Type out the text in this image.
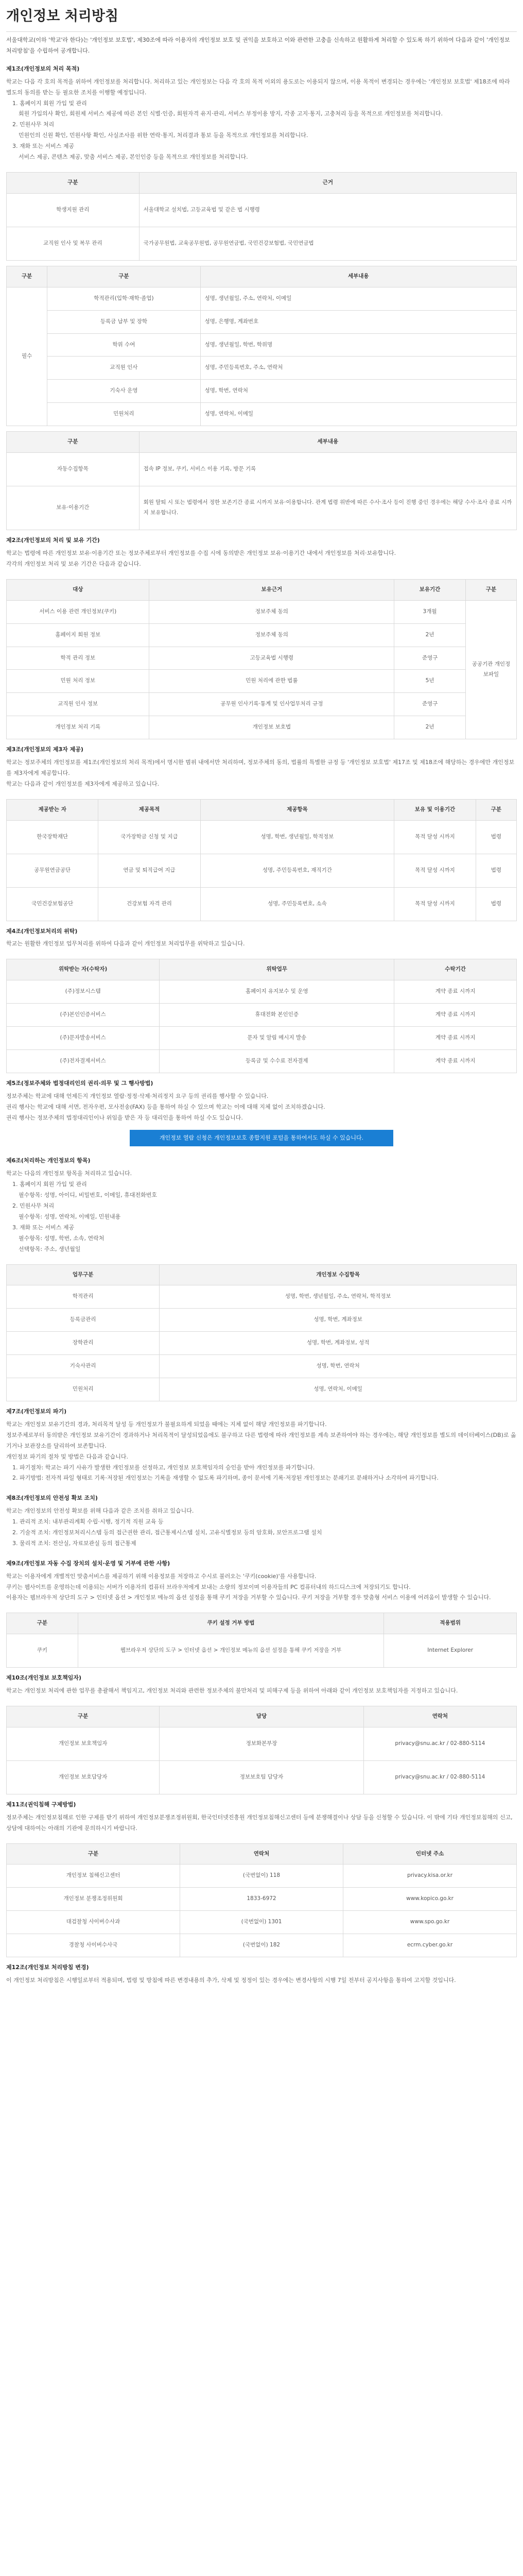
개인정보 처리방침

서울대학교(이하 '학교'라 한다)는 '개인정보 보호법', 제30조에 따라 이용자의 개인정보 보호 및 권익을 보호하고 이와 관련한 고충을 신속하고 원활하게 처리할 수 있도록 하기 위하여 다음과 같이 '개인정보 처리방침'을 수립하여 공개합니다.

제1조(개인정보의 처리 목적)
학교는 다음 각 호의 목적을 위하여 개인정보를 처리합니다. 처리하고 있는 개인정보는 다음 각 호의 목적 이외의 용도로는 이용되지 않으며, 이용 목적이 변경되는 경우에는 '개인정보 보호법' 제18조에 따라 별도의 동의를 받는 등 필요한 조치를 이행할 예정입니다.
1. 홈페이지 회원 가입 및 관리
회원 가입의사 확인, 회원제 서비스 제공에 따른 본인 식별·인증, 회원자격 유지·관리, 서비스 부정이용 방지, 각종 고지·통지, 고충처리 등을 목적으로 개인정보를 처리합니다.
2. 민원사무 처리
민원인의 신원 확인, 민원사항 확인, 사실조사를 위한 연락·통지, 처리결과 통보 등을 목적으로 개인정보를 처리합니다.
3. 재화 또는 서비스 제공
서비스 제공, 콘텐츠 제공, 맞춤 서비스 제공, 본인인증 등을 목적으로 개인정보를 처리합니다.
구분	근거
학생지원 관리	서울대학교 설치법, 고등교육법 및 같은 법 시행령
교직원 인사 및 복무 관리	국가공무원법, 교육공무원법, 공무원연금법, 국민건강보험법, 국민연금법
구분	구분	세부내용
필수	학적관리(입학·재학·졸업)	성명, 생년월일, 주소, 연락처, 이메일
	등록금 납부 및 장학	성명, 은행명, 계좌번호
	학위 수여	성명, 생년월일, 학번, 학위명
	교직원 인사	성명, 주민등록번호, 주소, 연락처
	기숙사 운영	성명, 학번, 연락처
	민원처리	성명, 연락처, 이메일
구분	세부내용
자동수집항목	접속 IP 정보, 쿠키, 서비스 이용 기록, 방문 기록
보유·이용기간	회원 탈퇴 시 또는 법령에서 정한 보존기간 종료 시까지 보유·이용합니다. 관계 법령 위반에 따른 수사·조사 등이 진행 중인 경우에는 해당 수사·조사 종료 시까지 보유합니다.
제2조(개인정보의 처리 및 보유 기간)
학교는 법령에 따른 개인정보 보유·이용기간 또는 정보주체로부터 개인정보를 수집 시에 동의받은 개인정보 보유·이용기간 내에서 개인정보를 처리·보유합니다.
각각의 개인정보 처리 및 보유 기간은 다음과 같습니다.
대상	보유근거	보유기간	구분
서비스 이용 관련 개인정보(쿠키)	정보주체 동의	3개월	공공기관 개인정보파일
홈페이지 회원 정보	정보주체 동의	2년	
학적 관리 정보	고등교육법 시행령	준영구	
민원 처리 정보	민원 처리에 관한 법률	5년	
교직원 인사 정보	공무원 인사기록·통계 및 인사업무처리 규정	준영구	
개인정보 처리 기록	개인정보 보호법	2년	
제3조(개인정보의 제3자 제공)
학교는 정보주체의 개인정보를 제1조(개인정보의 처리 목적)에서 명시한 범위 내에서만 처리하며, 정보주체의 동의, 법률의 특별한 규정 등 '개인정보 보호법' 제17조 및 제18조에 해당하는 경우에만 개인정보를 제3자에게 제공합니다.
학교는 다음과 같이 개인정보를 제3자에게 제공하고 있습니다.
제공받는 자	제공목적	제공항목	보유 및 이용기간	구분
한국장학재단	국가장학금 신청 및 지급	성명, 학번, 생년월일, 학적정보	목적 달성 시까지	법령
공무원연금공단	연금 및 퇴직급여 지급	성명, 주민등록번호, 재직기간	목적 달성 시까지	법령
국민건강보험공단	건강보험 자격 관리	성명, 주민등록번호, 소속	목적 달성 시까지	법령
제4조(개인정보처리의 위탁)
학교는 원활한 개인정보 업무처리를 위하여 다음과 같이 개인정보 처리업무를 위탁하고 있습니다.
위탁받는 자(수탁자)	위탁업무	수탁기간
(주)정보시스템	홈페이지 유지보수 및 운영	계약 종료 시까지
(주)본인인증서비스	휴대전화 본인인증	계약 종료 시까지
(주)문자발송서비스	문자 및 알림 메시지 발송	계약 종료 시까지
(주)전자결제서비스	등록금 및 수수료 전자결제	계약 종료 시까지
제5조(정보주체와 법정대리인의 권리·의무 및 그 행사방법)
정보주체는 학교에 대해 언제든지 개인정보 열람·정정·삭제·처리정지 요구 등의 권리를 행사할 수 있습니다.
권리 행사는 학교에 대해 서면, 전자우편, 모사전송(FAX) 등을 통하여 하실 수 있으며 학교는 이에 대해 지체 없이 조치하겠습니다.
권리 행사는 정보주체의 법정대리인이나 위임을 받은 자 등 대리인을 통하여 하실 수도 있습니다.
개인정보 열람 신청은 개인정보보호 종합지원 포털을 통하여서도 하실 수 있습니다.
제6조(처리하는 개인정보의 항목)
학교는 다음의 개인정보 항목을 처리하고 있습니다.
1. 홈페이지 회원 가입 및 관리
필수항목: 성명, 아이디, 비밀번호, 이메일, 휴대전화번호
2. 민원사무 처리
필수항목: 성명, 연락처, 이메일, 민원내용
3. 재화 또는 서비스 제공
필수항목: 성명, 학번, 소속, 연락처
선택항목: 주소, 생년월일
업무구분	개인정보 수집항목
학적관리	성명, 학번, 생년월일, 주소, 연락처, 학적정보
등록금관리	성명, 학번, 계좌정보
장학관리	성명, 학번, 계좌정보, 성적
기숙사관리	성명, 학번, 연락처
민원처리	성명, 연락처, 이메일
제7조(개인정보의 파기)
학교는 개인정보 보유기간의 경과, 처리목적 달성 등 개인정보가 불필요하게 되었을 때에는 지체 없이 해당 개인정보를 파기합니다.
정보주체로부터 동의받은 개인정보 보유기간이 경과하거나 처리목적이 달성되었음에도 불구하고 다른 법령에 따라 개인정보를 계속 보존하여야 하는 경우에는, 해당 개인정보를 별도의 데이터베이스(DB)로 옮기거나 보관장소를 달리하여 보존합니다.
개인정보 파기의 절차 및 방법은 다음과 같습니다.
1. 파기절차: 학교는 파기 사유가 발생한 개인정보를 선정하고, 개인정보 보호책임자의 승인을 받아 개인정보를 파기합니다.
2. 파기방법: 전자적 파일 형태로 기록·저장된 개인정보는 기록을 재생할 수 없도록 파기하며, 종이 문서에 기록·저장된 개인정보는 분쇄기로 분쇄하거나 소각하여 파기합니다.
제8조(개인정보의 안전성 확보 조치)
학교는 개인정보의 안전성 확보를 위해 다음과 같은 조치를 취하고 있습니다.
1. 관리적 조치: 내부관리계획 수립·시행, 정기적 직원 교육 등
2. 기술적 조치: 개인정보처리시스템 등의 접근권한 관리, 접근통제시스템 설치, 고유식별정보 등의 암호화, 보안프로그램 설치
3. 물리적 조치: 전산실, 자료보관실 등의 접근통제
제9조(개인정보 자동 수집 장치의 설치·운영 및 거부에 관한 사항)
학교는 이용자에게 개별적인 맞춤서비스를 제공하기 위해 이용정보를 저장하고 수시로 불러오는 '쿠키(cookie)'를 사용합니다.
쿠키는 웹사이트를 운영하는데 이용되는 서버가 이용자의 컴퓨터 브라우저에게 보내는 소량의 정보이며 이용자들의 PC 컴퓨터내의 하드디스크에 저장되기도 합니다.
이용자는 웹브라우저 상단의 도구 > 인터넷 옵션 > 개인정보 메뉴의 옵션 설정을 통해 쿠키 저장을 거부할 수 있습니다. 쿠키 저장을 거부할 경우 맞춤형 서비스 이용에 어려움이 발생할 수 있습니다.
구분	쿠키 설정 거부 방법	적용범위
쿠키	웹브라우저 상단의 도구 > 인터넷 옵션 > 개인정보 메뉴의 옵션 설정을 통해 쿠키 저장을 거부	Internet Explorer
제10조(개인정보 보호책임자)
학교는 개인정보 처리에 관한 업무를 총괄해서 책임지고, 개인정보 처리와 관련한 정보주체의 불만처리 및 피해구제 등을 위하여 아래와 같이 개인정보 보호책임자를 지정하고 있습니다.
구분	담당	연락처
개인정보 보호책임자	정보화본부장	privacy@snu.ac.kr / 02-880-5114
개인정보 보호담당자	정보보호팀 담당자	privacy@snu.ac.kr / 02-880-5114
제11조(권익침해 구제방법)
정보주체는 개인정보침해로 인한 구제를 받기 위하여 개인정보분쟁조정위원회, 한국인터넷진흥원 개인정보침해신고센터 등에 분쟁해결이나 상담 등을 신청할 수 있습니다. 이 밖에 기타 개인정보침해의 신고, 상담에 대하여는 아래의 기관에 문의하시기 바랍니다.
구분	연락처	인터넷 주소
개인정보 침해신고센터	(국번없이) 118	privacy.kisa.or.kr
개인정보 분쟁조정위원회	1833-6972	www.kopico.go.kr
대검찰청 사이버수사과	(국번없이) 1301	www.spo.go.kr
경찰청 사이버수사국	(국번없이) 182	ecrm.cyber.go.kr
제12조(개인정보 처리방침 변경)
이 개인정보 처리방침은 시행일로부터 적용되며, 법령 및 방침에 따른 변경내용의 추가, 삭제 및 정정이 있는 경우에는 변경사항의 시행 7일 전부터 공지사항을 통하여 고지할 것입니다.
